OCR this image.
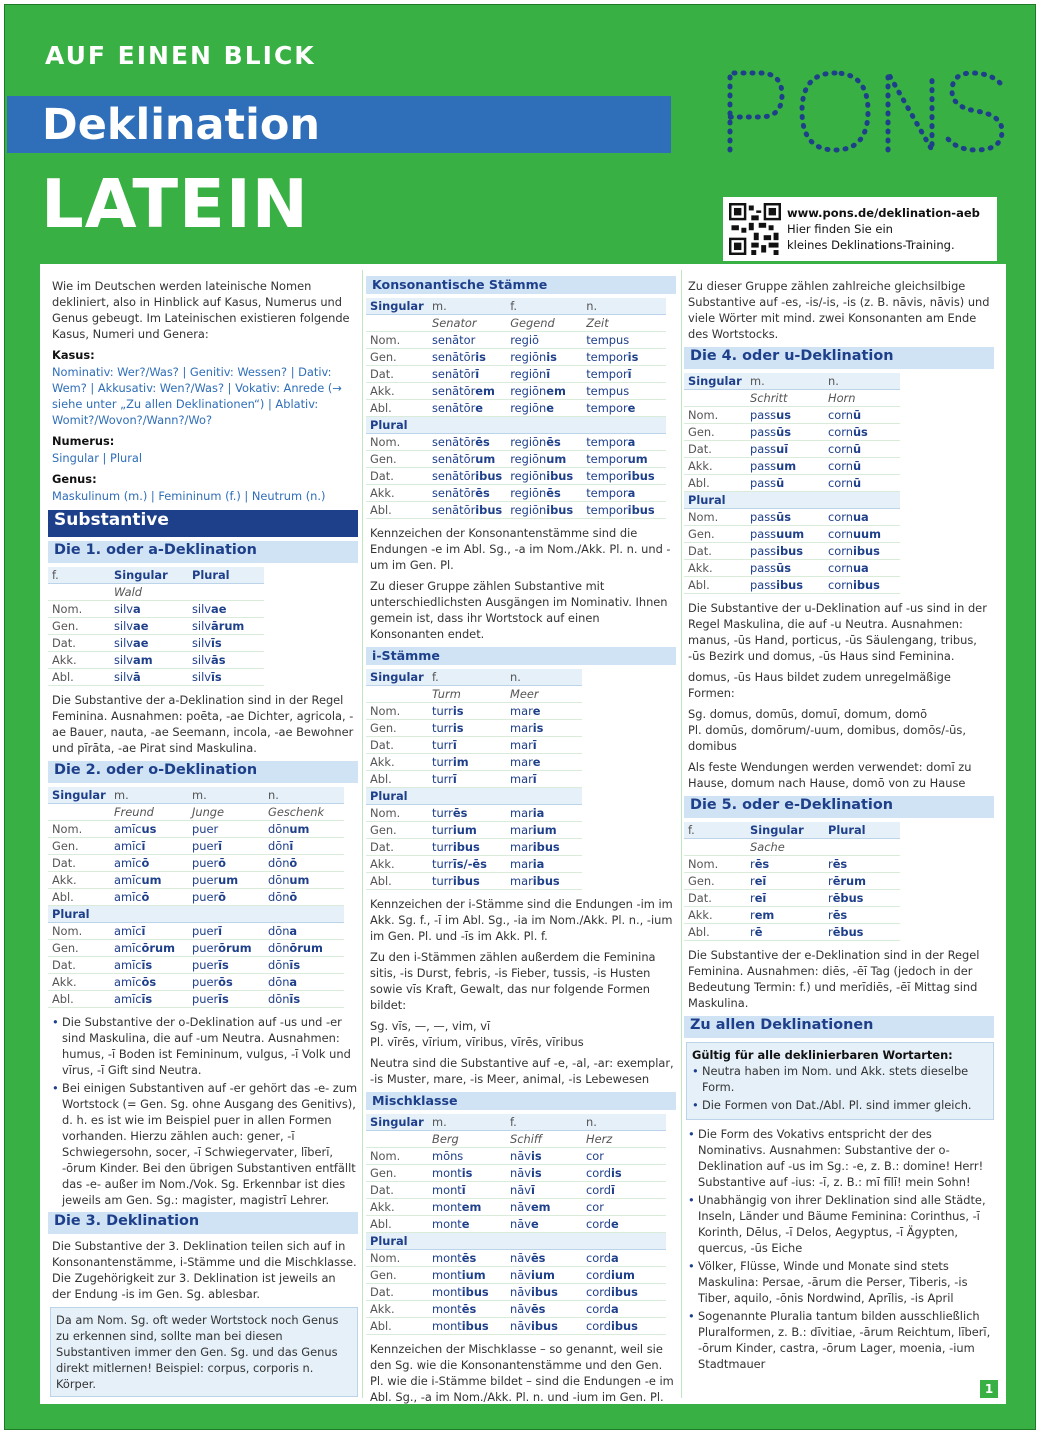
AUF EINEN BLICK
Deklination
LATEIN	www.pons.de/deklination-aeb
Hier finden Sie ein
kleines Deklinations-Training.

Wie im Deutschen werden lateinische Nomen dekliniert, also in Hinblick auf Kasus, Numerus und Genus gebeugt. Im Lateinischen existieren folgende Kasus, Numeri und Genera:

Kasus:

Nominativ: Wer?/Was? | Genitiv: Wessen? | Dativ: Wem? | Akkusativ: Wen?/Was? | Vokativ: Anrede (→ siehe unter „Zu allen Deklinationen“) | Ablativ: Womit?/Wovon?/Wann?/Wo?

Numerus:

Singular | Plural

Genus:

Maskulinum (m.) | Femininum (f.) | Neutrum (n.)

Substantive
Die 1. oder a-Deklination
f.	Singular	Plural
	Wald	
Nom.	silva	silvae
Gen.	silvae	silvārum
Dat.	silvae	silvīs
Akk.	silvam	silvās
Abl.	silvā	silvīs

Die Substantive der a-Deklination sind in der Regel Feminina. Ausnahmen: poēta, -ae Dichter, agricola, -ae Bauer, nauta, -ae Seemann, incola, -ae Bewohner und pīrāta, -ae Pirat sind Maskulina.

Die 2. oder o-Deklination
Singular	m.	m.	n.
	Freund	Junge	Geschenk
Nom.	amīcus	puer	dōnum
Gen.	amīcī	puerī	dōnī
Dat.	amīcō	puerō	dōnō
Akk.	amīcum	puerum	dōnum
Abl.	amīcō	puerō	dōnō
Plural			
Nom.	amīcī	puerī	dōna
Gen.	amīcōrum	puerōrum	dōnōrum
Dat.	amīcīs	puerīs	dōnīs
Akk.	amīcōs	puerōs	dōna
Abl.	amīcīs	puerīs	dōnīs
• Die Substantive der o-Deklination auf -us und -er sind Maskulina, die auf -um Neutra. Ausnahmen: humus, -ī Boden ist Femininum, vulgus, -ī Volk und vīrus, -ī Gift sind Neutra.
• Bei einigen Substantiven auf -er gehört das -e- zum Wortstock (= Gen. Sg. ohne Ausgang des Genitivs), d. h. es ist wie im Beispiel puer in allen Formen vorhanden. Hierzu zählen auch: gener, -ī Schwiegersohn, socer, -ī Schwiegervater, līberī, -ōrum Kinder. Bei den übrigen Substantiven entfällt das -e- außer im Nom./Vok. Sg. Erkennbar ist dies jeweils am Gen. Sg.: magister, magistrī Lehrer.
Die 3. Deklination

Die Substantive der 3. Deklination teilen sich auf in Konsonantenstämme, i-Stämme und die Mischklasse. Die Zugehörigkeit zur 3. Deklination ist jeweils an der Endung -is im Gen. Sg. ablesbar.

Da am Nom. Sg. oft weder Wortstock noch Genus zu erkennen sind, sollte man bei diesen Substantiven immer den Gen. Sg. und das Genus direkt mitlernen! Beispiel: corpus, corporis n. Körper.
Konsonantische Stämme
Singular	m.	f.	n.
	Senator	Gegend	Zeit
Nom.	senātor	regiō	tempus
Gen.	senātōris	regiōnis	temporis
Dat.	senātōrī	regiōnī	temporī
Akk.	senātōrem	regiōnem	tempus
Abl.	senātōre	regiōne	tempore
Plural			
Nom.	senātōrēs	regiōnēs	tempora
Gen.	senātōrum	regiōnum	temporum
Dat.	senātōribus	regiōnibus	temporibus
Akk.	senātōrēs	regiōnēs	tempora
Abl.	senātōribus	regiōnibus	temporibus

Kennzeichen der Konsonantenstämme sind die Endungen -e im Abl. Sg., -a im Nom./Akk. Pl. n. und -um im Gen. Pl.

Zu dieser Gruppe zählen Substantive mit unterschiedlichsten Ausgängen im Nominativ. Ihnen gemein ist, dass ihr Wortstock auf einen Konsonanten endet.

i-Stämme
Singular	f.	n.
	Turm	Meer
Nom.	turris	mare
Gen.	turris	maris
Dat.	turrī	marī
Akk.	turrim	mare
Abl.	turrī	marī
Plural		
Nom.	turrēs	maria
Gen.	turrium	marium
Dat.	turribus	maribus
Akk.	turrīs/-ēs	maria
Abl.	turribus	maribus

Kennzeichen der i-Stämme sind die Endungen -im im Akk. Sg. f., -ī im Abl. Sg., -ia im Nom./Akk. Pl. n., -ium im Gen. Pl. und -īs im Akk. Pl. f.

Zu den i-Stämmen zählen außerdem die Feminina sitis, -is Durst, febris, -is Fieber, tussis, -is Husten sowie vīs Kraft, Gewalt, das nur folgende Formen bildet:

Sg. vīs, —, —, vim, vī

Pl. vīrēs, vīrium, vīribus, vīrēs, vīribus

Neutra sind die Substantive auf -e, -al, -ar: exemplar, -is Muster, mare, -is Meer, animal, -is Lebewesen

Mischklasse
Singular	m.	f.	n.
	Berg	Schiff	Herz
Nom.	mōns	nāvis	cor
Gen.	montis	nāvis	cordis
Dat.	montī	nāvī	cordī
Akk.	montem	nāvem	cor
Abl.	monte	nāve	corde
Plural			
Nom.	montēs	nāvēs	corda
Gen.	montium	nāvium	cordium
Dat.	montibus	nāvibus	cordibus
Akk.	montēs	nāvēs	corda
Abl.	montibus	nāvibus	cordibus

Kennzeichen der Mischklasse – so genannt, weil sie den Sg. wie die Konsonantenstämme und den Gen. Pl. wie die i-Stämme bildet – sind die Endungen -e im Abl. Sg., -a im Nom./Akk. Pl. n. und -ium im Gen. Pl.

Zu dieser Gruppe zählen zahlreiche gleichsilbige Substantive auf -es, -is/-is, -is (z. B. nāvis, nāvis) und viele Wörter mit mind. zwei Konsonanten am Ende des Wortstocks.

Die 4. oder u-Deklination
Singular	m.	n.
	Schritt	Horn
Nom.	passus	cornū
Gen.	passūs	cornūs
Dat.	passuī	cornū
Akk.	passum	cornū
Abl.	passū	cornū
Plural		
Nom.	passūs	cornua
Gen.	passuum	cornuum
Dat.	passibus	cornibus
Akk.	passūs	cornua
Abl.	passibus	cornibus

Die Substantive der u-Deklination auf -us sind in der Regel Maskulina, die auf -u Neutra. Ausnahmen: manus, -ūs Hand, porticus, -ūs Säulengang, tribus, -ūs Bezirk und domus, -ūs Haus sind Feminina.

domus, -ūs Haus bildet zudem unregelmäßige Formen:

Sg. domus, domūs, domuī, domum, domō

Pl. domūs, domōrum/-uum, domibus, domōs/-ūs, domibus

Als feste Wendungen werden verwendet: domī zu Hause, domum nach Hause, domō von zu Hause

Die 5. oder e-Deklination
f.	Singular	Plural
	Sache	
Nom.	rēs	rēs
Gen.	reī	rērum
Dat.	reī	rēbus
Akk.	rem	rēs
Abl.	rē	rēbus

Die Substantive der e-Deklination sind in der Regel Feminina. Ausnahmen: diēs, -ēī Tag (jedoch in der Bedeutung Termin: f.) und merīdiēs, -ēī Mittag sind Maskulina.

Zu allen Deklinationen
Gültig für alle deklinierbaren Wortarten:
• Neutra haben im Nom. und Akk. stets dieselbe Form.
• Die Formen von Dat./Abl. Pl. sind immer gleich.
• Die Form des Vokativs entspricht der des Nominativs. Ausnahmen: Substantive der o-Deklination auf -us im Sg.: -e, z. B.: domine! Herr! Substantive auf -ius: -ī, z. B.: mī fīlī! mein Sohn!
• Unabhängig von ihrer Deklination sind alle Städte, Inseln, Länder und Bäume Feminina: Corinthus, -ī Korinth, Dēlus, -ī Delos, Aegyptus, -ī Ägypten, quercus, -ūs Eiche
• Völker, Flüsse, Winde und Monate sind stets Maskulina: Persae, -ārum die Perser, Tiberis, -is Tiber, aquilo, -ōnis Nordwind, Aprīlis, -is April
• Sogenannte Pluralia tantum bilden ausschließlich Pluralformen, z. B.: dīvitiae, -ārum Reichtum, līberī, -ōrum Kinder, castra, -ōrum Lager, moenia, -ium Stadtmauer
1
